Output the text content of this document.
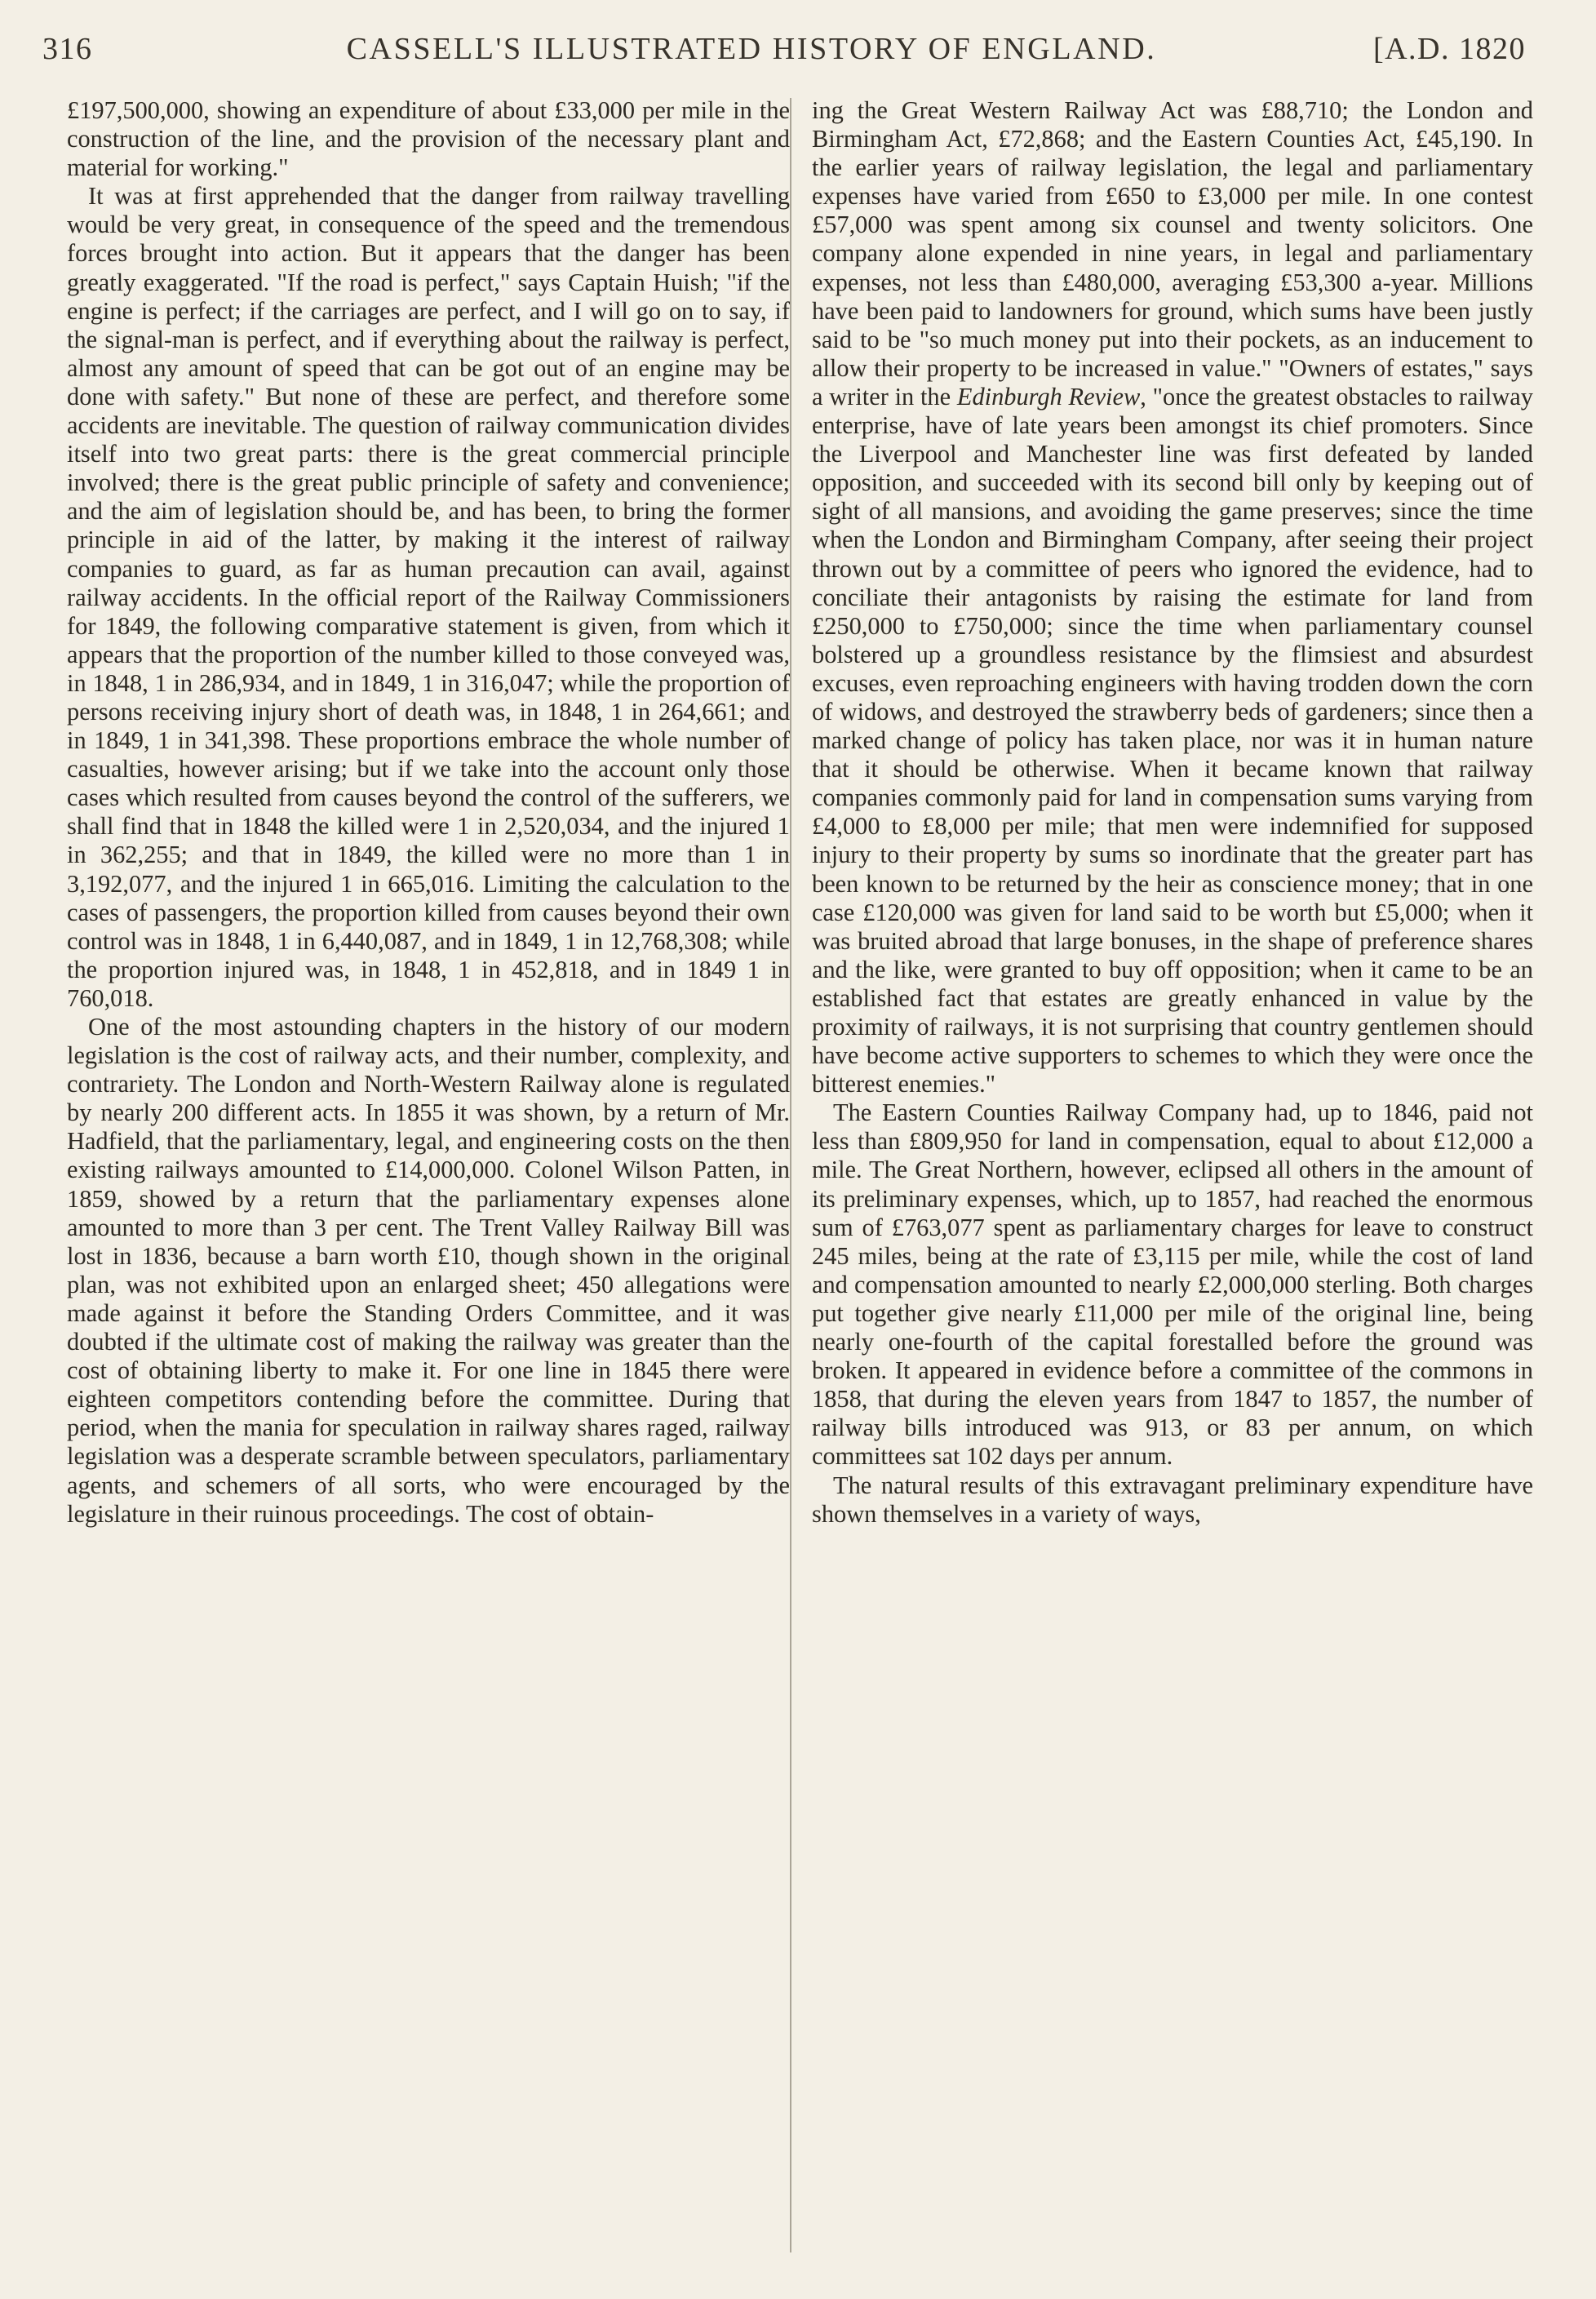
316	CASSELL'S ILLUSTRATED HISTORY OF ENGLAND.	[A.D. 1820

£197,500,000, showing an expenditure of about £33,000 per mile in the construction of the line, and the provision of the necessary plant and material for working."

It was at first apprehended that the danger from railway travelling would be very great, in consequence of the speed and the tremendous forces brought into action. But it appears that the danger has been greatly exaggerated. "If the road is perfect," says Captain Huish; "if the engine is perfect; if the carriages are perfect, and I will go on to say, if the signal-man is perfect, and if everything about the railway is perfect, almost any amount of speed that can be got out of an engine may be done with safety." But none of these are perfect, and therefore some accidents are inevitable. The question of railway communication divides itself into two great parts: there is the great commercial principle involved; there is the great public principle of safety and convenience; and the aim of legislation should be, and has been, to bring the former principle in aid of the latter, by making it the interest of railway companies to guard, as far as human precaution can avail, against railway accidents. In the official report of the Railway Commissioners for 1849, the following comparative statement is given, from which it appears that the proportion of the number killed to those conveyed was, in 1848, 1 in 286,934, and in 1849, 1 in 316,047; while the proportion of persons receiving injury short of death was, in 1848, 1 in 264,661; and in 1849, 1 in 341,398. These proportions embrace the whole number of casualties, however arising; but if we take into the account only those cases which resulted from causes beyond the control of the sufferers, we shall find that in 1848 the killed were 1 in 2,520,034, and the injured 1 in 362,255; and that in 1849, the killed were no more than 1 in 3,192,077, and the injured 1 in 665,016. Limiting the calculation to the cases of passengers, the proportion killed from causes beyond their own control was in 1848, 1 in 6,440,087, and in 1849, 1 in 12,768,308; while the proportion injured was, in 1848, 1 in 452,818, and in 1849 1 in 760,018.

One of the most astounding chapters in the history of our modern legislation is the cost of railway acts, and their number, complexity, and contrariety. The London and North-Western Railway alone is regulated by nearly 200 different acts. In 1855 it was shown, by a return of Mr. Hadfield, that the parliamentary, legal, and engineering costs on the then existing railways amounted to £14,000,000. Colonel Wilson Patten, in 1859, showed by a return that the parliamentary expenses alone amounted to more than 3 per cent. The Trent Valley Railway Bill was lost in 1836, because a barn worth £10, though shown in the original plan, was not exhibited upon an enlarged sheet; 450 allegations were made against it before the Standing Orders Committee, and it was doubted if the ultimate cost of making the railway was greater than the cost of obtaining liberty to make it. For one line in 1845 there were eighteen competitors contending before the committee. During that period, when the mania for speculation in railway shares raged, railway legislation was a desperate scramble between speculators, parliamentary agents, and schemers of all sorts, who were encouraged by the legislature in their ruinous proceedings. The cost of obtain-

ing the Great Western Railway Act was £88,710; the London and Birmingham Act, £72,868; and the Eastern Counties Act, £45,190. In the earlier years of railway legislation, the legal and parliamentary expenses have varied from £650 to £3,000 per mile. In one contest £57,000 was spent among six counsel and twenty solicitors. One company alone expended in nine years, in legal and parliamentary expenses, not less than £480,000, averaging £53,300 a-year. Millions have been paid to landowners for ground, which sums have been justly said to be "so much money put into their pockets, as an inducement to allow their property to be increased in value." "Owners of estates," says a writer in the Edinburgh Review, "once the greatest obstacles to railway enterprise, have of late years been amongst its chief promoters. Since the Liverpool and Manchester line was first defeated by landed opposition, and succeeded with its second bill only by keeping out of sight of all mansions, and avoiding the game preserves; since the time when the London and Birmingham Company, after seeing their project thrown out by a committee of peers who ignored the evidence, had to conciliate their antagonists by raising the estimate for land from £250,000 to £750,000; since the time when parliamentary counsel bolstered up a groundless resistance by the flimsiest and absurdest excuses, even reproaching engineers with having trodden down the corn of widows, and destroyed the strawberry beds of gardeners; since then a marked change of policy has taken place, nor was it in human nature that it should be otherwise. When it became known that railway companies commonly paid for land in compensation sums varying from £4,000 to £8,000 per mile; that men were indemnified for supposed injury to their property by sums so inordinate that the greater part has been known to be returned by the heir as conscience money; that in one case £120,000 was given for land said to be worth but £5,000; when it was bruited abroad that large bonuses, in the shape of preference shares and the like, were granted to buy off opposition; when it came to be an established fact that estates are greatly enhanced in value by the proximity of railways, it is not surprising that country gentlemen should have become active supporters to schemes to which they were once the bitterest enemies."

The Eastern Counties Railway Company had, up to 1846, paid not less than £809,950 for land in compensation, equal to about £12,000 a mile. The Great Northern, however, eclipsed all others in the amount of its preliminary expenses, which, up to 1857, had reached the enormous sum of £763,077 spent as parliamentary charges for leave to construct 245 miles, being at the rate of £3,115 per mile, while the cost of land and compensation amounted to nearly £2,000,000 sterling. Both charges put together give nearly £11,000 per mile of the original line, being nearly one-fourth of the capital forestalled before the ground was broken. It appeared in evidence before a committee of the commons in 1858, that during the eleven years from 1847 to 1857, the number of railway bills introduced was 913, or 83 per annum, on which committees sat 102 days per annum.

The natural results of this extravagant preliminary expenditure have shown themselves in a variety of ways,
